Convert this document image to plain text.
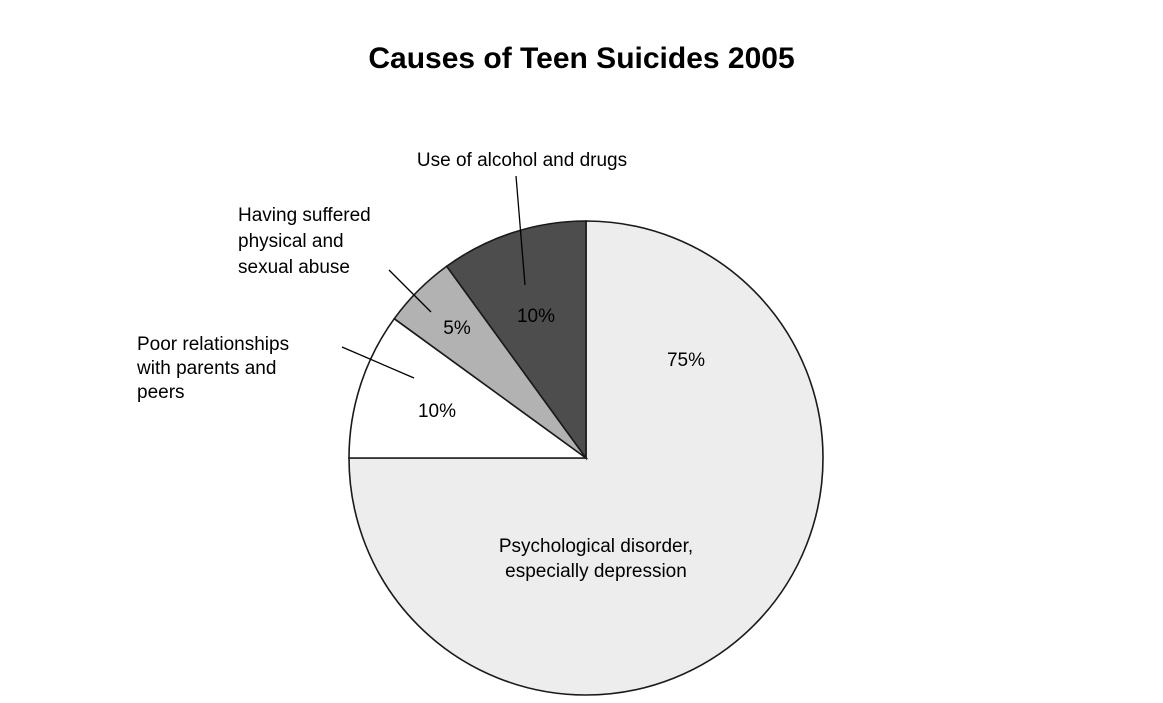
Causes of Teen Suicides 2005
75%
Psychological disorder, especially depression
10%
Poor relationships with parents and peers
5%
Having suffered physical and sexual abuse
10%
Use of alcohol and drugs
